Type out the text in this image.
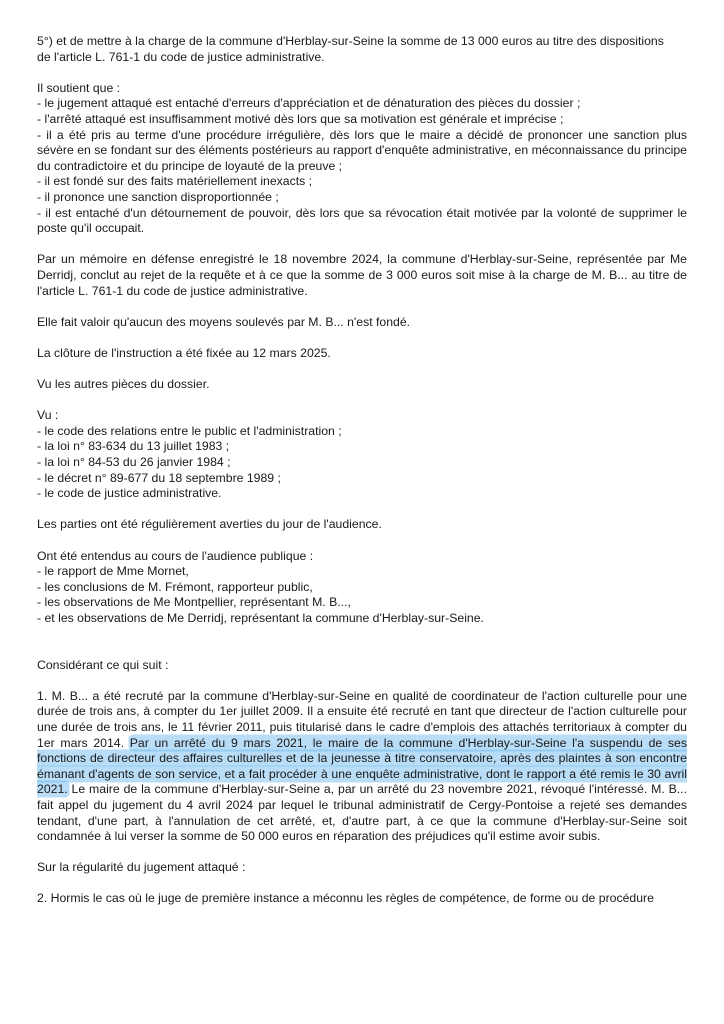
5°) et de mettre à la charge de la commune d'Herblay-sur-Seine la somme de 13 000 euros au titre des dispositions
de l'article L. 761-1 du code de justice administrative.
Il soutient que :
- le jugement attaqué est entaché d'erreurs d'appréciation et de dénaturation des pièces du dossier ;
- l'arrêté attaqué est insuffisamment motivé dès lors que sa motivation est générale et imprécise ;
- il a été pris au terme d'une procédure irrégulière, dès lors que le maire a décidé de prononcer une sanction plus sévère en se fondant sur des éléments postérieurs au rapport d'enquête administrative, en méconnaissance du principe du contradictoire et du principe de loyauté de la preuve ;
- il est fondé sur des faits matériellement inexacts ;
- il prononce une sanction disproportionnée ;
- il est entaché d'un détournement de pouvoir, dès lors que sa révocation était motivée par la volonté de supprimer le poste qu'il occupait.
Par un mémoire en défense enregistré le 18 novembre 2024, la commune d'Herblay-sur-Seine, représentée par Me Derridj, conclut au rejet de la requête et à ce que la somme de 3 000 euros soit mise à la charge de M. B... au titre de l'article L. 761-1 du code de justice administrative.
Elle fait valoir qu'aucun des moyens soulevés par M. B... n'est fondé.
La clôture de l'instruction a été fixée au 12 mars 2025.
Vu les autres pièces du dossier.
Vu :
- le code des relations entre le public et l'administration ;
- la loi n° 83-634 du 13 juillet 1983 ;
- la loi n° 84-53 du 26 janvier 1984 ;
- le décret n° 89-677 du 18 septembre 1989 ;
- le code de justice administrative.
Les parties ont été régulièrement averties du jour de l'audience.
Ont été entendus au cours de l'audience publique :
- le rapport de Mme Mornet,
- les conclusions de M. Frémont, rapporteur public,
- les observations de Me Montpellier, représentant M. B...,
- et les observations de Me Derridj, représentant la commune d'Herblay-sur-Seine.
Considérant ce qui suit :
1. M. B... a été recruté par la commune d'Herblay-sur-Seine en qualité de coordinateur de l'action culturelle pour une durée de trois ans, à compter du 1er juillet 2009. Il a ensuite été recruté en tant que directeur de l'action culturelle pour une durée de trois ans, le 11 février 2011, puis titularisé dans le cadre d'emplois des attachés territoriaux à compter du 1er mars 2014. Par un arrêté du 9 mars 2021, le maire de la commune d'Herblay-sur-Seine l'a suspendu de ses fonctions de directeur des affaires culturelles et de la jeunesse à titre conservatoire, après des plaintes à son encontre émanant d'agents de son service, et a fait procéder à une enquête administrative, dont le rapport a été remis le 30 avril 2021. Le maire de la commune d'Herblay-sur-Seine a, par un arrêté du 23 novembre 2021, révoqué l'intéressé. M. B... fait appel du jugement du 4 avril 2024 par lequel le tribunal administratif de Cergy-Pontoise a rejeté ses demandes tendant, d'une part, à l'annulation de cet arrêté, et, d'autre part, à ce que la commune d'Herblay-sur-Seine soit condamnée à lui verser la somme de 50 000 euros en réparation des préjudices qu'il estime avoir subis.
Sur la régularité du jugement attaqué :
2. Hormis le cas où le juge de première instance a méconnu les règles de compétence, de forme ou de procédure
